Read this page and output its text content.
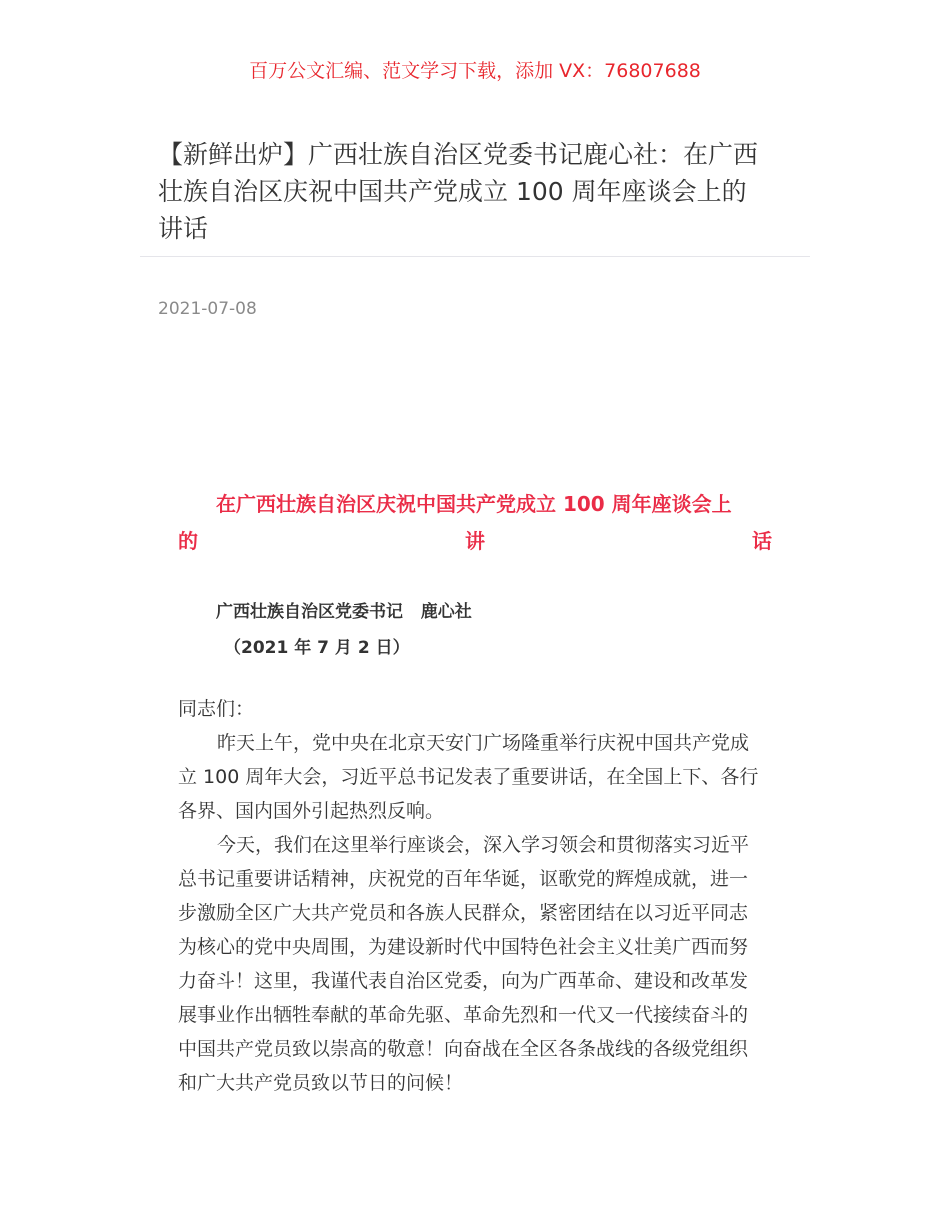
百万公文汇编、范文学习下载，添加 VX：76807688
【新鲜出炉】广西壮族自治区党委书记鹿心社：在广西
壮族自治区庆祝中国共产党成立 100 周年座谈会上的
讲话
2021-07-08
在广西壮族自治区庆祝中国共产党成立 100 周年座谈会上
的	讲	话
广西壮族自治区党委书记   鹿心社
（2021 年 7 月 2 日）
同志们：
昨天上午，党中央在北京天安门广场隆重举行庆祝中国共产党成
立 100 周年大会，习近平总书记发表了重要讲话，在全国上下、各行
各界、国内国外引起热烈反响。
今天，我们在这里举行座谈会，深入学习领会和贯彻落实习近平
总书记重要讲话精神，庆祝党的百年华诞，讴歌党的辉煌成就，进一
步激励全区广大共产党员和各族人民群众，紧密团结在以习近平同志
为核心的党中央周围，为建设新时代中国特色社会主义壮美广西而努
力奋斗！这里，我谨代表自治区党委，向为广西革命、建设和改革发
展事业作出牺牲奉献的革命先驱、革命先烈和一代又一代接续奋斗的
中国共产党员致以崇高的敬意！向奋战在全区各条战线的各级党组织
和广大共产党员致以节日的问候！
